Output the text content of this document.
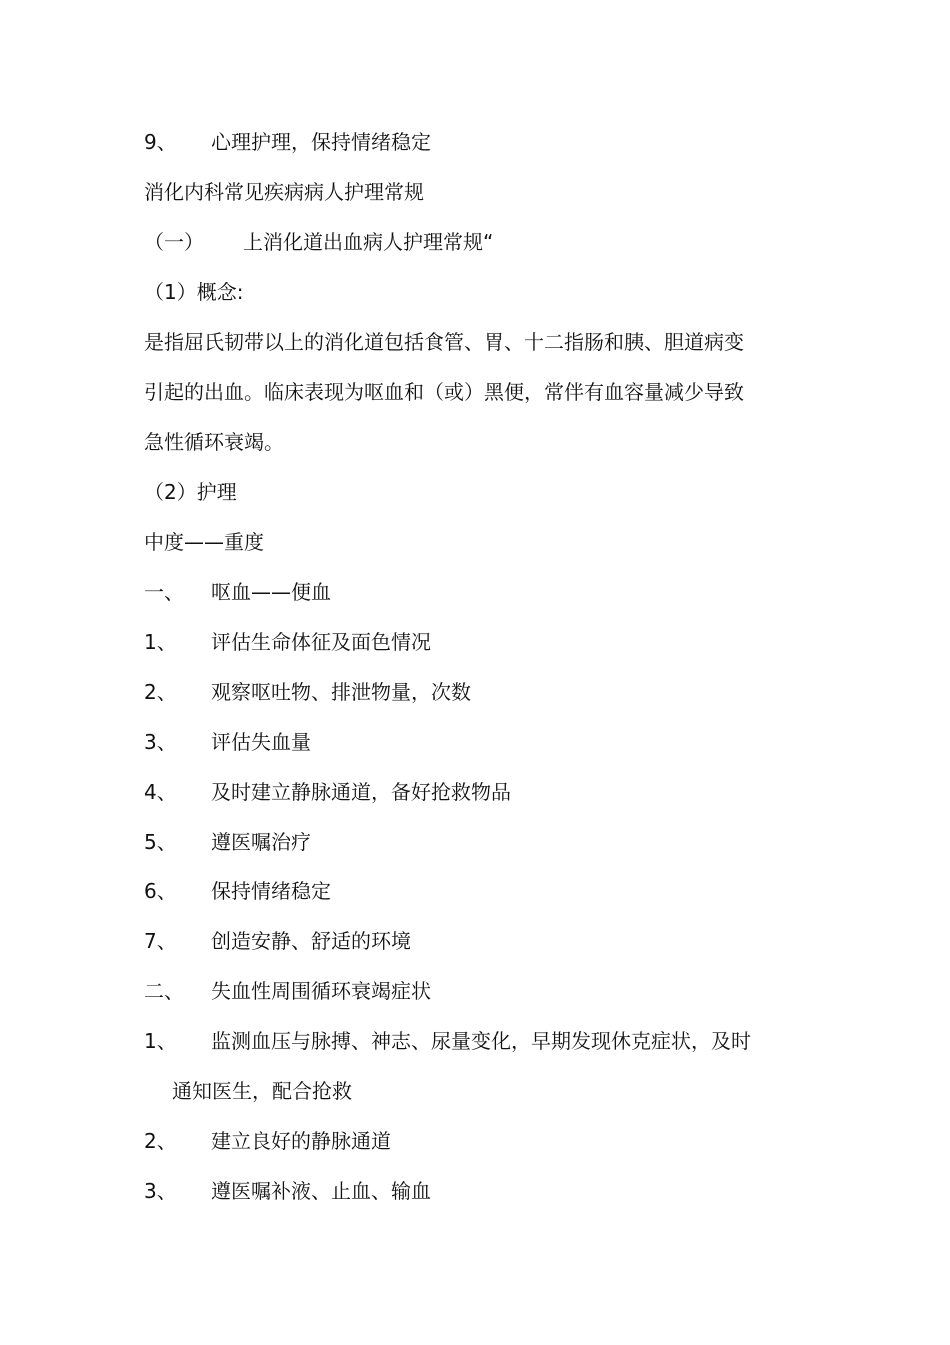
9、 心理护理，保持情绪稳定
消化内科常见疾病病人护理常规
（一） 上消化道出血病人护理常规“
（1）概念:
是指屈氏韧带以上的消化道包括食管、胃、十二指肠和胰、胆道病变
引起的出血。临床表现为呕血和（或）黑便，常伴有血容量减少导致
急性循环衰竭。
（2）护理
中度——重度
一、 呕血——便血
1、 评估生命体征及面色情况
2、 观察呕吐物、排泄物量，次数
3、 评估失血量
4、 及时建立静脉通道，备好抢救物品
5、 遵医嘱治疗
6、 保持情绪稳定
7、 创造安静、舒适的环境
二、 失血性周围循环衰竭症状
1、 监测血压与脉搏、神志、尿量变化，早期发现休克症状，及时
通知医生，配合抢救
2、 建立良好的静脉通道
3、 遵医嘱补液、止血、输血
